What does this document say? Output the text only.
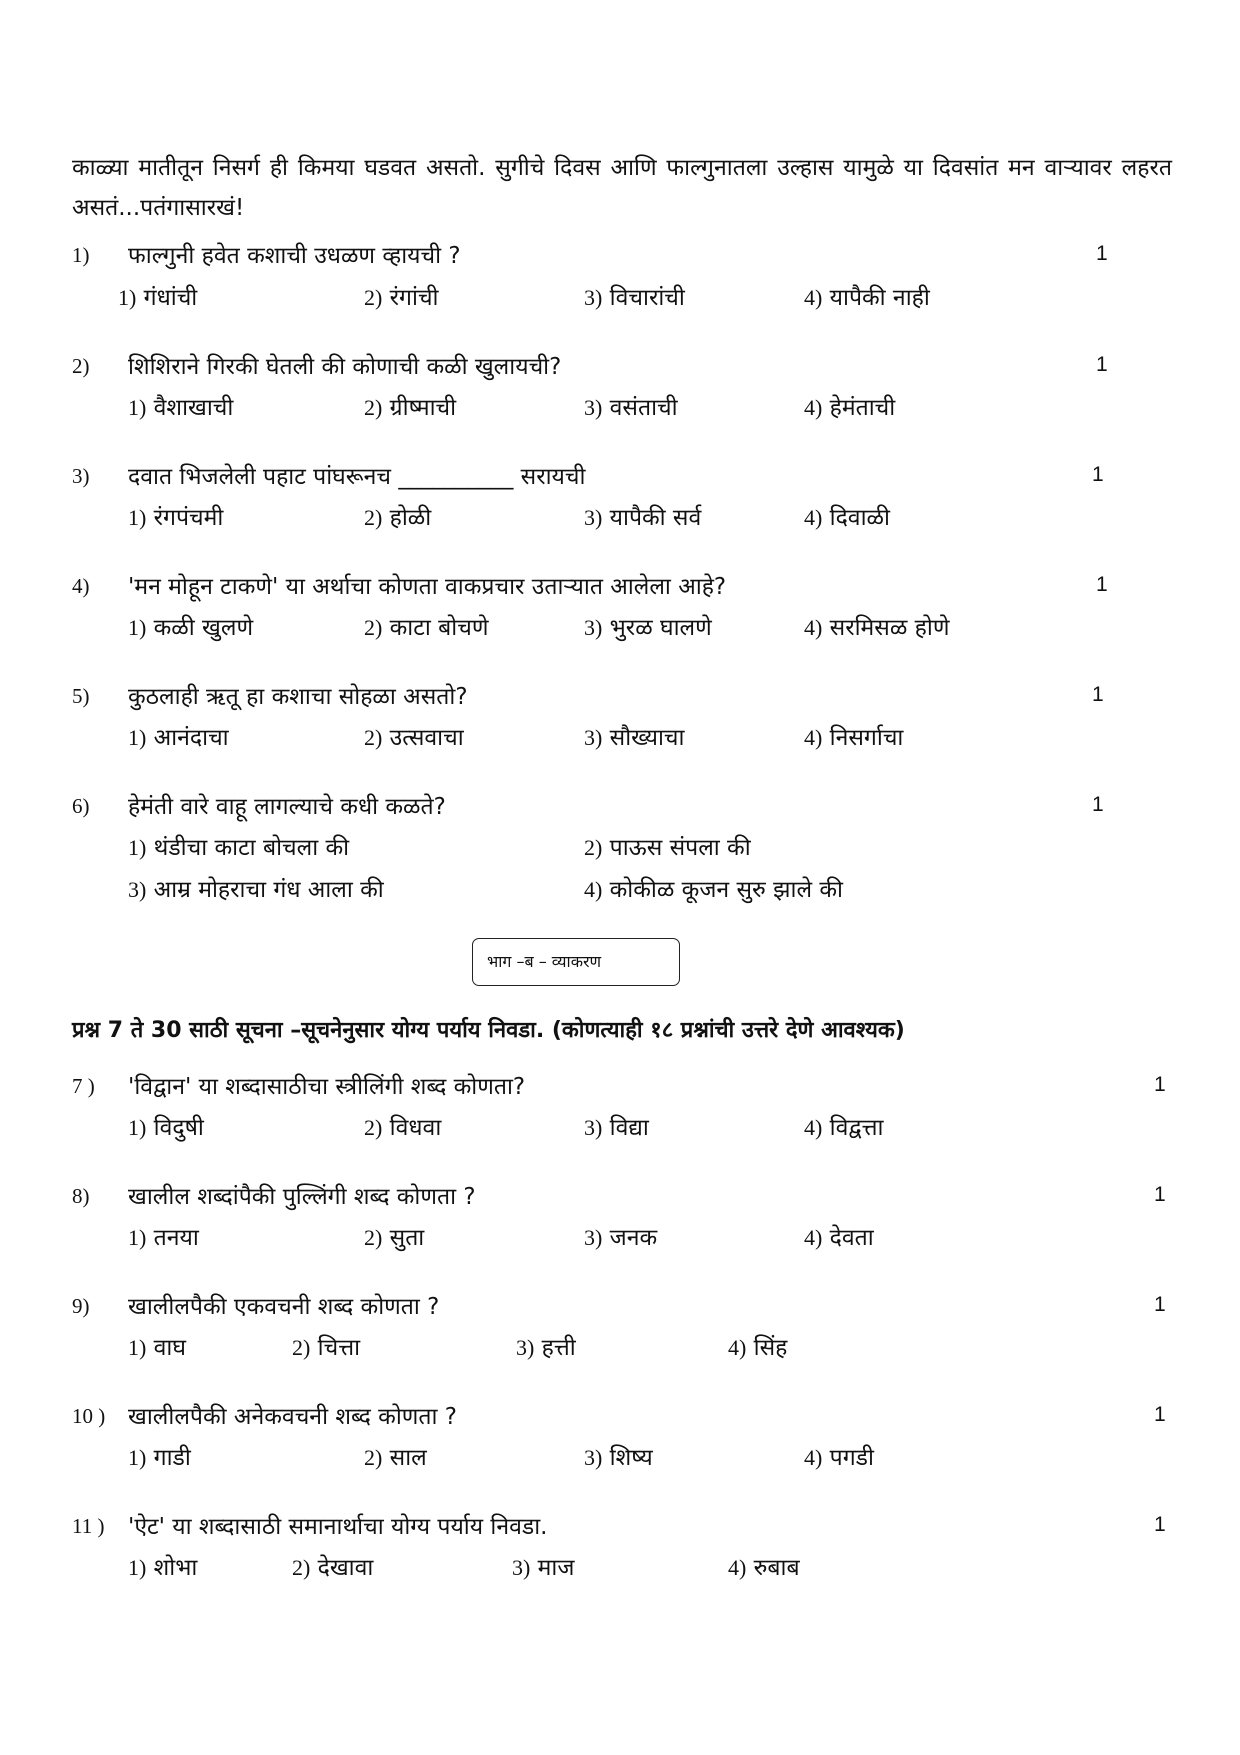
काळ्या मातीतून निसर्ग ही किमया घडवत असतो. सुगीचे दिवस आणि फाल्गुनातला उल्हास यामुळे या दिवसांत मन वाऱ्यावर लहरत असतं...पतंगासारखं!
1) फाल्गुनी हवेत कशाची उधळण व्हायची ?	1
1) गंधांची	2) रंगांची	3) विचारांची	4) यापैकी नाही
2) शिशिराने गिरकी घेतली की कोणाची कळी खुलायची?	1
1) वैशाखाची	2) ग्रीष्माची	3) वसंताची	4) हेमंताची
3) दवात भिजलेली पहाट पांघरूनच __________ सरायची	1
1) रंगपंचमी	2) होळी	3) यापैकी सर्व	4) दिवाळी
4) 'मन मोहून टाकणे' या अर्थाचा कोणता वाकप्रचार उताऱ्यात आलेला आहे?	1
1) कळी खुलणे	2) काटा बोचणे	3) भुरळ घालणे	4) सरमिसळ होणे
5) कुठलाही ऋतू हा कशाचा सोहळा असतो?	1
1) आनंदाचा	2) उत्सवाचा	3) सौख्याचा	4) निसर्गाचा
6) हेमंती वारे वाहू लागल्याचे कधी कळते?	1
1) थंडीचा काटा बोचला की	2) पाऊस संपला की
3) आम्र मोहराचा गंध आला की	4) कोकीळ कूजन सुरु झाले की
भाग –ब – व्याकरण
प्रश्न 7 ते 30 साठी सूचना –सूचनेनुसार योग्य पर्याय निवडा. (कोणत्याही १८ प्रश्नांची उत्तरे देणे आवश्यक)
7 ) 'विद्वान' या शब्दासाठीचा स्त्रीलिंगी शब्द कोणता?	1
1) विदुषी	2) विधवा	3) विद्या	4) विद्वत्ता
8) खालील शब्दांपैकी पुल्लिंगी शब्द कोणता ?	1
1) तनया	2) सुता	3) जनक	4) देवता
9) खालीलपैकी एकवचनी शब्द कोणता ?	1
1) वाघ	2) चित्ता	3) हत्ती	4) सिंह
10 ) खालीलपैकी अनेकवचनी शब्द कोणता ?	1
1) गाडी	2) साल	3) शिष्य	4) पगडी
11 ) 'ऐट' या शब्दासाठी समानार्थाचा योग्य पर्याय निवडा.	1
1) शोभा	2) देखावा	3) माज	4) रुबाब
